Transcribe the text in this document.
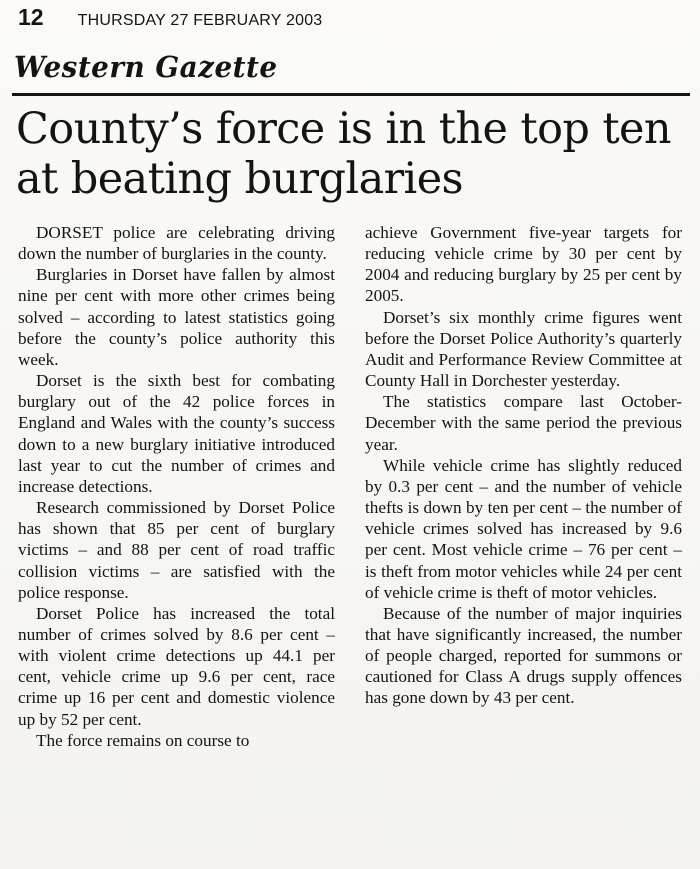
12 THURSDAY 27 FEBRUARY 2003
Western Gazette
County’s force is in the top ten at beating burglaries

DORSET police are celebrating driving down the number of burglaries in the county.

Burglaries in Dorset have fallen by almost nine per cent with more other crimes being solved – according to latest statistics going before the county’s police authority this week.

Dorset is the sixth best for combating burglary out of the 42 police forces in England and Wales with the county’s success down to a new burglary initiative introduced last year to cut the number of crimes and increase detections.

Research commissioned by Dorset Police has shown that 85 per cent of burglary victims – and 88 per cent of road traffic collision victims – are satisfied with the police response.

Dorset Police has increased the total number of crimes solved by 8.6 per cent – with violent crime detections up 44.1 per cent, vehicle crime up 9.6 per cent, race crime up 16 per cent and domestic violence up by 52 per cent.

The force remains on course to

achieve Government five-year targets for reducing vehicle crime by 30 per cent by 2004 and reducing burglary by 25 per cent by 2005.

Dorset’s six monthly crime figures went before the Dorset Police Authority’s quarterly Audit and Performance Review Committee at County Hall in Dorchester yesterday.

The statistics compare last October-December with the same period the previous year.

While vehicle crime has slightly reduced by 0.3 per cent – and the number of vehicle thefts is down by ten per cent – the number of vehicle crimes solved has increased by 9.6 per cent. Most vehicle crime – 76 per cent – is theft from motor vehicles while 24 per cent of vehicle crime is theft of motor vehicles.

Because of the number of major inquiries that have significantly increased, the number of people charged, reported for summons or cautioned for Class A drugs supply offences has gone down by 43 per cent.
